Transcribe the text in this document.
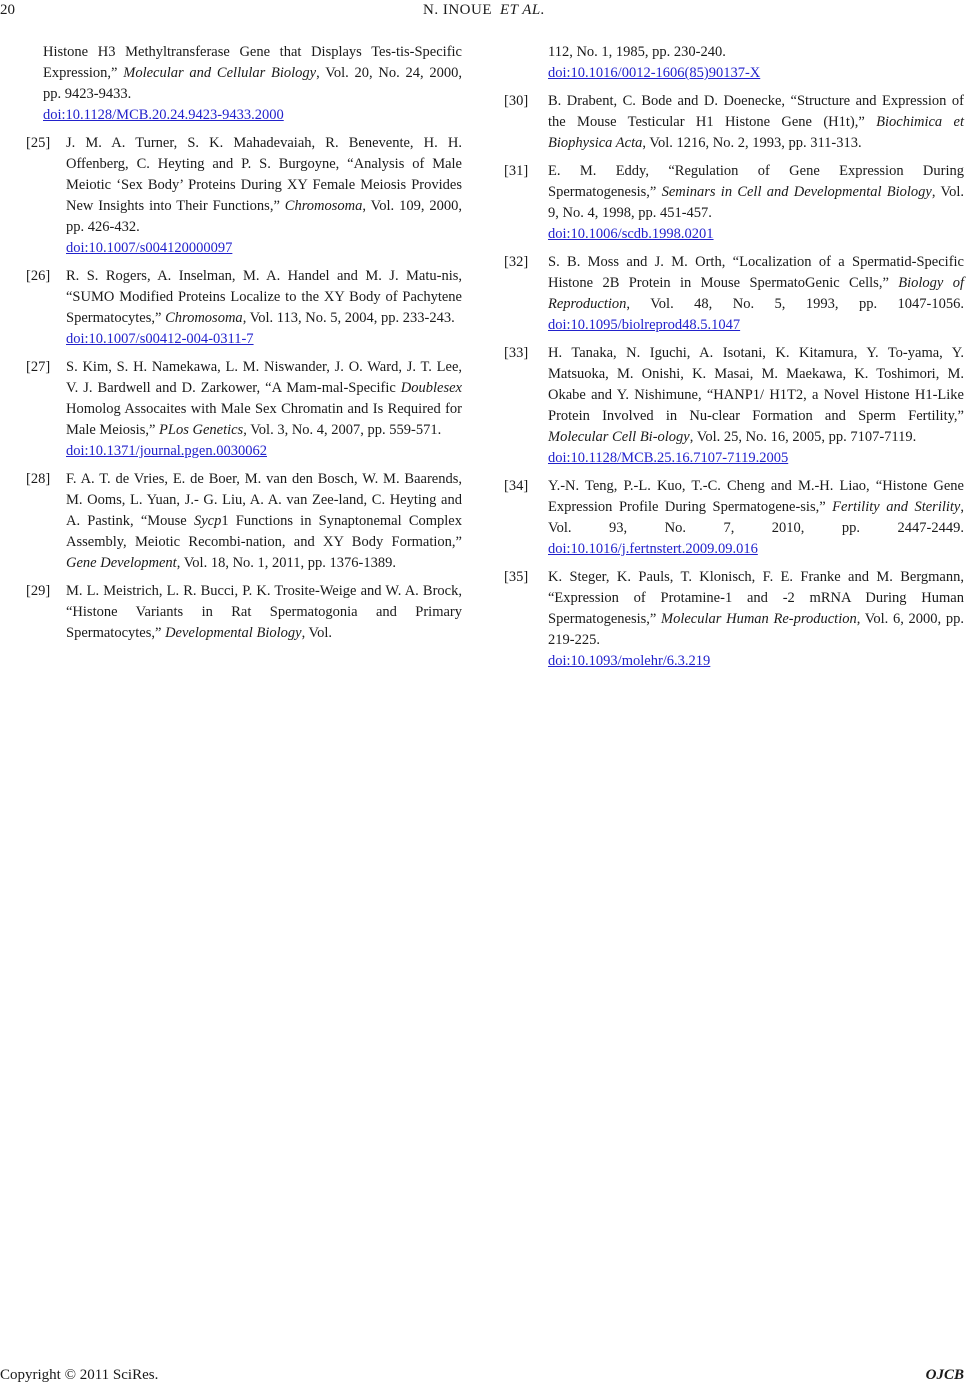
20	N. INOUE ET AL.
Histone H3 Methyltransferase Gene that Displays Tes-tis-Specific Expression,” Molecular and Cellular Biology, Vol. 20, No. 24, 2000, pp. 9423-9433.
doi:10.1128/MCB.20.24.9423-9433.2000
[25] J. M. A. Turner, S. K. Mahadevaiah, R. Benevente, H. H. Offenberg, C. Heyting and P. S. Burgoyne, “Analysis of Male Meiotic ‘Sex Body’ Proteins During XY Female Meiosis Provides New Insights into Their Functions,” Chromosoma, Vol. 109, 2000, pp. 426-432.
doi:10.1007/s004120000097
[26] R. S. Rogers, A. Inselman, M. A. Handel and M. J. Matu-nis, “SUMO Modified Proteins Localize to the XY Body of Pachytene Spermatocytes,” Chromosoma, Vol. 113, No. 5, 2004, pp. 233-243.
doi:10.1007/s00412-004-0311-7
[27] S. Kim, S. H. Namekawa, L. M. Niswander, J. O. Ward, J. T. Lee, V. J. Bardwell and D. Zarkower, “A Mam-mal-Specific Doublesex Homolog Assocaites with Male Sex Chromatin and Is Required for Male Meiosis,” PLos Genetics, Vol. 3, No. 4, 2007, pp. 559-571.
doi:10.1371/journal.pgen.0030062
[28] F. A. T. de Vries, E. de Boer, M. van den Bosch, W. M. Baarends, M. Ooms, L. Yuan, J.- G. Liu, A. A. van Zee-land, C. Heyting and A. Pastink, “Mouse Sycp1 Functions in Synaptonemal Complex Assembly, Meiotic Recombi-nation, and XY Body Formation,” Gene Development, Vol. 18, No. 1, 2011, pp. 1376-1389.
[29] M. L. Meistrich, L. R. Bucci, P. K. Trosite-Weige and W. A. Brock, “Histone Variants in Rat Spermatogonia and Primary Spermatocytes,” Developmental Biology, Vol.
112, No. 1, 1985, pp. 230-240.
doi:10.1016/0012-1606(85)90137-X
[30] B. Drabent, C. Bode and D. Doenecke, “Structure and Expression of the Mouse Testicular H1 Histone Gene (H1t),” Biochimica et Biophysica Acta, Vol. 1216, No. 2, 1993, pp. 311-313.
[31] E. M. Eddy, “Regulation of Gene Expression During Spermatogenesis,” Seminars in Cell and Developmental Biology, Vol. 9, No. 4, 1998, pp. 451-457.
doi:10.1006/scdb.1998.0201
[32] S. B. Moss and J. M. Orth, “Localization of a Spermatid-Specific Histone 2B Protein in Mouse SpermatoGenic Cells,” Biology of Reproduction, Vol. 48, No. 5, 1993, pp. 1047-1056. doi:10.1095/biolreprod48.5.1047
[33] H. Tanaka, N. Iguchi, A. Isotani, K. Kitamura, Y. To-yama, Y. Matsuoka, M. Onishi, K. Masai, M. Maekawa, K. Toshimori, M. Okabe and Y. Nishimune, “HANP1/ H1T2, a Novel Histone H1-Like Protein Involved in Nu-clear Formation and Sperm Fertility,” Molecular Cell Bi-ology, Vol. 25, No. 16, 2005, pp. 7107-7119.
doi:10.1128/MCB.25.16.7107-7119.2005
[34] Y.-N. Teng, P.-L. Kuo, T.-C. Cheng and M.-H. Liao, “Histone Gene Expression Profile During Spermatogene-sis,” Fertility and Sterility, Vol. 93, No. 7, 2010, pp. 2447-2449. doi:10.1016/j.fertnstert.2009.09.016
[35] K. Steger, K. Pauls, T. Klonisch, F. E. Franke and M. Bergmann, “Expression of Protamine-1 and -2 mRNA During Human Spermatogenesis,” Molecular Human Re-production, Vol. 6, 2000, pp. 219-225.
doi:10.1093/molehr/6.3.219
Copyright © 2011 SciRes.	OJCB
